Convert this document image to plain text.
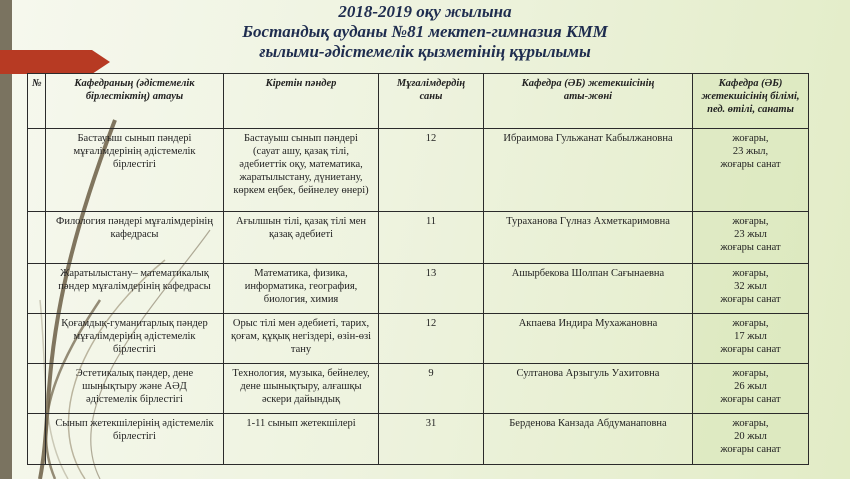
2018-2019 оқу жылына
Бостандық ауданы №81 мектеп-гимназия КММ
ғылыми-әдістемелік қызметінің құрылымы
№	Кафедраның (әдістемелік
бірлестіктің) атауы	Кіретін пәндер	Мұғалімдердің
саны	Кафедра (ӘБ) жетекшісінің
аты-жөні	Кафедра (ӘБ)
жетекшісінің білімі,
пед. өтілі, санаты
	Бастауыш сынып пәндері
мұғалімдерінің әдістемелік
бірлестігі	Бастауыш сынып пәндері
(сауат ашу, қазақ тілі,
әдебиеттік оқу, математика,
жаратылыстану, дүниетану,
көркем еңбек, бейнелеу өнері)	12	Ибраимова Гульжанат Кабылжановна	жоғары,
23 жыл,
жоғары санат
	Филология пәндері мұғалімдерінің
кафедрасы	Ағылшын тілі, қазақ тілі мен
қазақ әдебиеті	11	Тураханова Гүлназ Ахметкаримовна	жоғары,
23 жыл
жоғары санат
	Жаратылыстану– математикалық
пәндер мұғалімдерінің кафедрасы	Математика, физика,
информатика, география,
биология, химия	13	Ашырбекова Шолпан Сағынаевна	жоғары,
32 жыл
жоғары санат
	Қоғамдық-гуманитарлық пәндер
мұғалімдерінің әдістемелік
бірлестігі	Орыс тілі мен әдебиеті, тарих,
қоғам, құқық негіздері, өзін-өзі
тану	12	Акпаева Индира Мухажановна	жоғары,
17 жыл
жоғары санат
	Эстетикалық пәндер, дене
шынықтыру және АӘД
әдістемелік бірлестігі	Технология, музыка, бейнелеу,
дене шынықтыру, алғашқы
әскери дайындық	9	Султанова Арзыгуль Уахитовна	жоғары,
26 жыл
жоғары санат
	Сынып жетекшілерінің әдістемелік
бірлестігі	1-11 сынып жетекшілері	31	Берденова Канзада Абдуманаповна	жоғары,
20 жыл
жоғары санат
